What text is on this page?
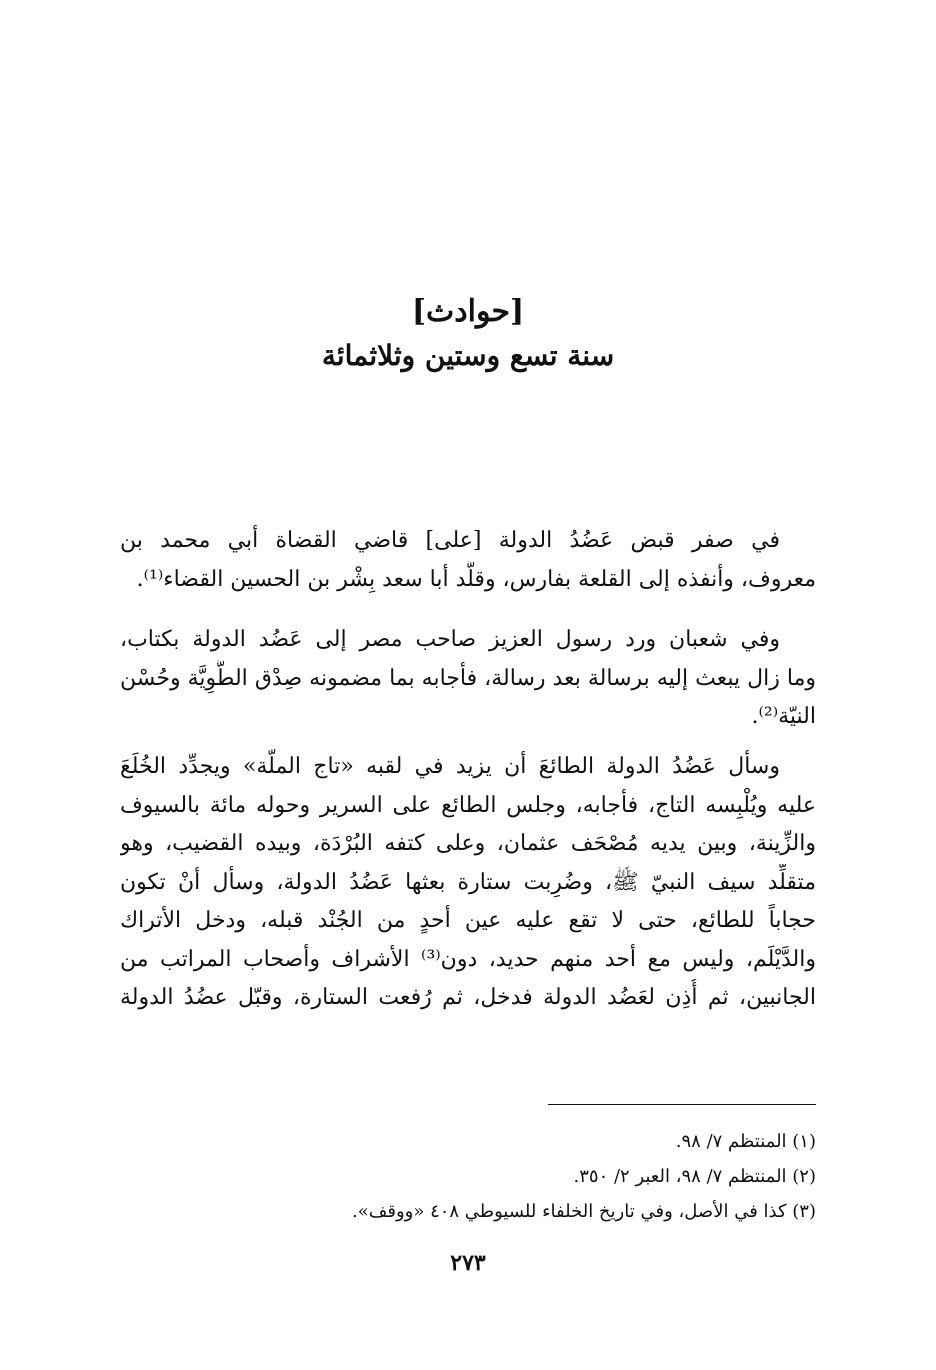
[حوادث]
سنة تسع وستين وثلاثمائة
في صفر قبض عَضُدُ الدولة [على] قاضي القضاة أبي محمد بن
معروف، وأنفذه إلى القلعة بفارس، وقلَّد أبا سعد بِشْر بن الحسين القضاء⁽¹⁾.
وفي شعبان ورد رسول العزيز صاحب مصر إلى عَضُد الدولة بكتاب،
وما زال يبعث إليه برسالة بعد رسالة، فأجابه بما مضمونه صِدْق الطَّوِيَّة وحُسْن
النيّة⁽²⁾.
وسأل عَضُدُ الدولة الطائعَ أن يزيد في لقبه «تاج الملّة» ويجدِّد الخُلَعَ
عليه ويُلْبِسه التاج، فأجابه، وجلس الطائع على السرير وحوله مائة بالسيوف
والزِّينة، وبين يديه مُصْحَف عثمان، وعلى كتفه البُرْدَة، وبيده القضيب، وهو
متقلِّد سيف النبيّ ﷺ، وضُرِبت ستارة بعثها عَضُدُ الدولة، وسأل أنْ تكون
حجاباً للطائع، حتى لا تقع عليه عين أحدٍ من الجُنْد قبله، ودخل الأتراك
والدَّيْلَم، وليس مع أحد منهم حديد، دون⁽³⁾ الأشراف وأصحاب المراتب من
الجانبين، ثم أُذِن لعَضُد الدولة فدخل، ثم رُفعت الستارة، وقبّل عضُدُ الدولة
(١) المنتظم ٧/ ٩٨.
(٢) المنتظم ٧/ ٩٨، العبر ٢/ ٣٥٠.
(٣) كذا في الأصل، وفي تاريخ الخلفاء للسيوطي ٤٠٨ «ووقف».
٢٧٣
